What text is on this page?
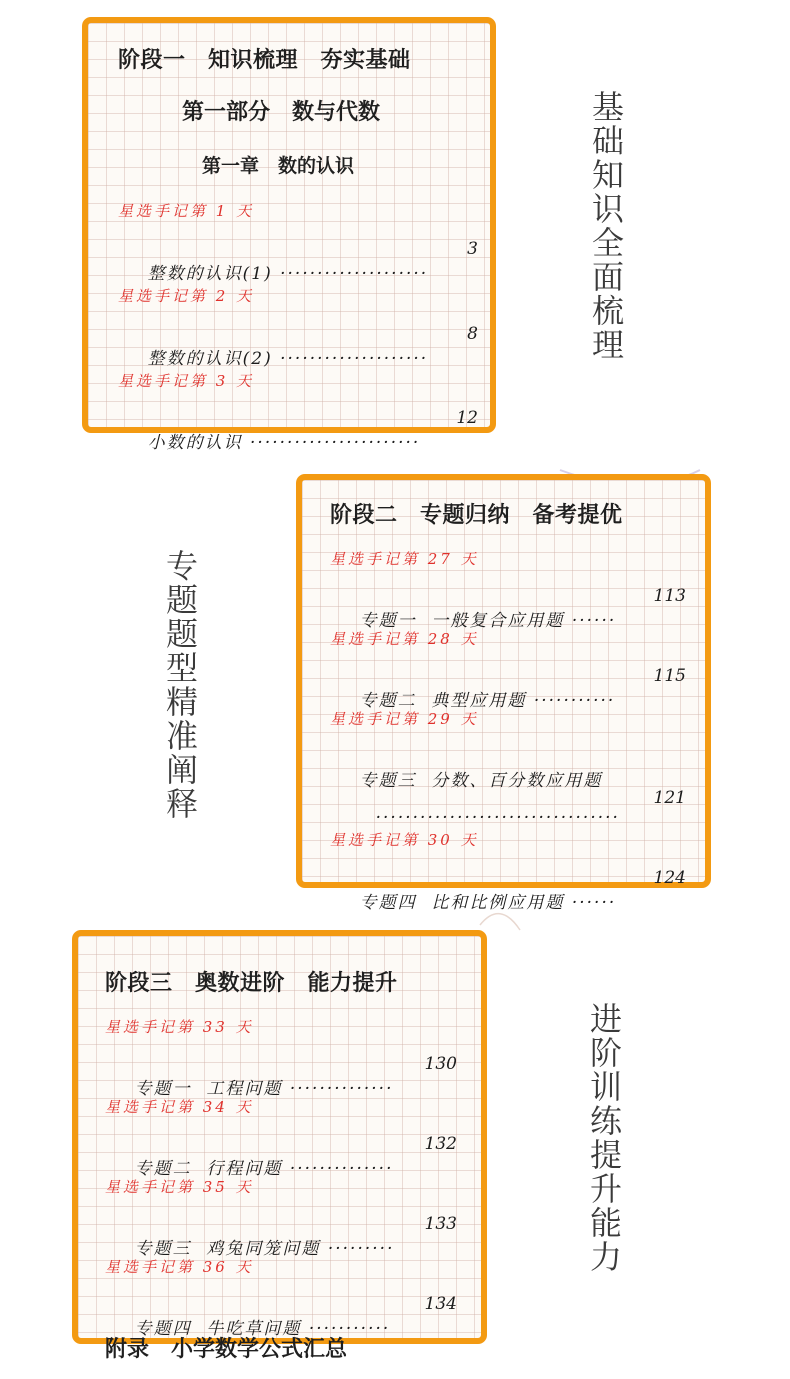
阶段一　知识梳理　夯实基础
第一部分　数与代数
第一章　数的认识
星选手记第 1 天

整数的认识(1) ····················

3

星选手记第 2 天

整数的认识(2) ····················

8

星选手记第 3 天

小数的认识 ·······················

12

基础知识全面梳理
阶段二　专题归纳　备考提优
星选手记第 27 天

专题一  一般复合应用题 ······

113

星选手记第 28 天

专题二  典型应用题 ···········

115

星选手记第 29 天

专题三  分数、百分数应用题

·································

121

星选手记第 30 天

专题四  比和比例应用题 ······

124

专题题型精准阐释
阶段三　奥数进阶　能力提升
星选手记第 33 天

专题一  工程问题 ··············

130

星选手记第 34 天

专题二  行程问题 ··············

132

星选手记第 35 天

专题三  鸡兔同笼问题 ·········

133

星选手记第 36 天

专题四  牛吃草问题 ···········

134

附录　小学数学公式汇总
进阶训练提升能力
